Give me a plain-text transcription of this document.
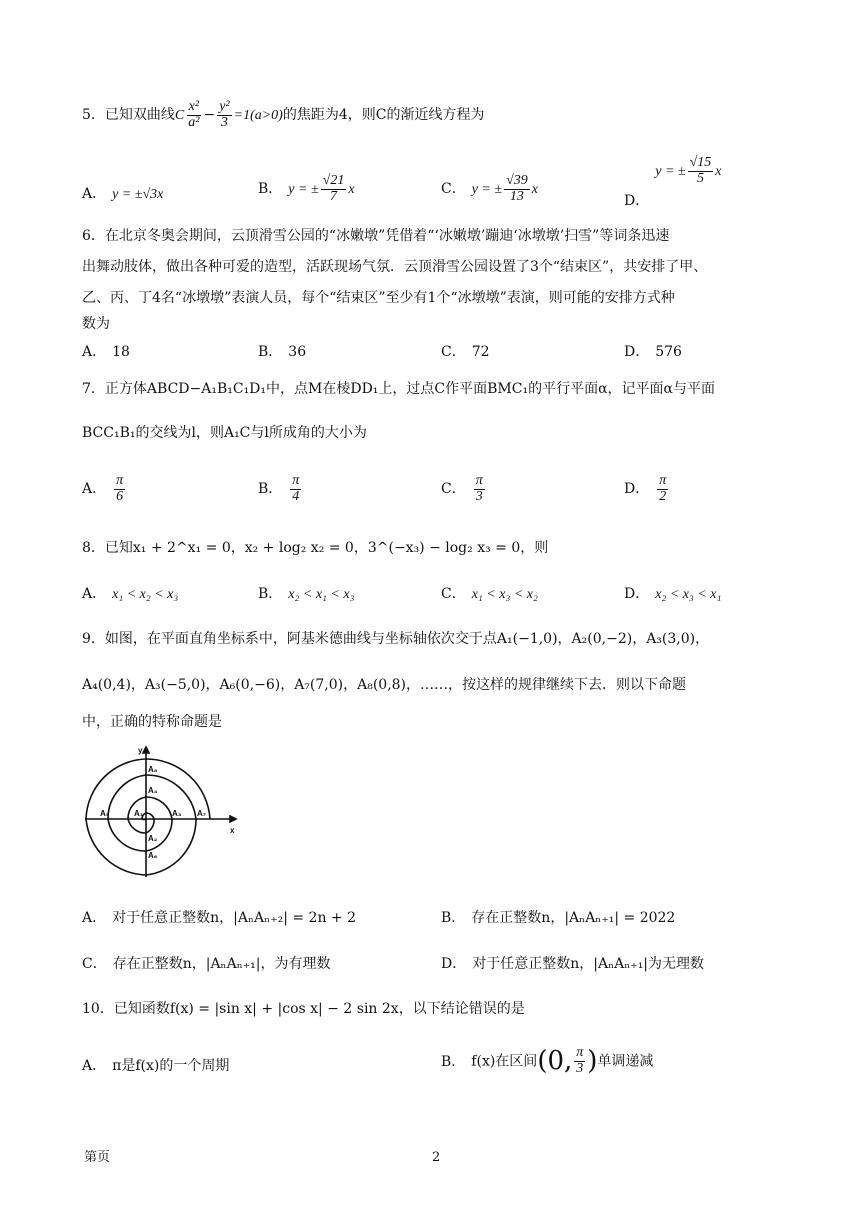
5．已知双曲线C $\frac{\text{x²}}{\text{a²}} - \frac{\text{y²}}{3} =1(a>0)$的焦距为4，则C的渐近线方程为
A． y = ±√3x	B． y = ± $\frac{√21}{7}$ x	C． y = ± $\frac{√39}{13}$ x
D．y = ± $\frac{√15}{5}$ x
6．在北京冬奥会期间，云顶滑雪公园的“冰嫩墩”凭借着“‘冰嫩墩’蹦迪‘冰墩墩’扫雪”等词条迅速
出舞动肢体，做出各种可爱的造型，活跃现场气氛．云顶滑雪公园设置了3个“结束区”，共安排了甲、
乙、丙、丁4名“冰墩墩”表演人员，每个“结束区”至少有1个“冰墩墩”表演，则可能的安排方式种
数为
A． 18	B． 36	C． 72	D． 576
7．正方体ABCD−A₁B₁C₁D₁中，点M在棱DD₁上，过点C作平面BMC₁的平行平面α，记平面α与平面
BCC₁B₁的交线为l，则A₁C与l所成角的大小为
A． $\frac{\pi}{6}$	B． $\frac{\pi}{4}$	C． $\frac{\pi}{3}$	D． $\frac{\pi}{2}$
8．已知x₁ + 2^x₁ = 0，x₂ + log₂ x₂ = 0，3^(−x₃) − log₂ x₃ = 0，则
A． x₁ < x₂ < x₃	B． x₂ < x₁ < x₃	C． x₁ < x₃ < x₂	D． x₂ < x₃ < x₁
9．如图，在平面直角坐标系中，阿基米德曲线与坐标轴依次交于点A₁(−1,0)，A₂(0,−2)，A₃(3,0)，
A₄(0,4)，A₃(−5,0)，A₆(0,−6)，A₇(7,0)，A₈(0,8)，……，按这样的规律继续下去．则以下命题
中，正确的特称命题是
y
x
A₁
A₂
A₃
A₄
A₅
A₆
A₇
A₈
A． 对于任意正整数n，|AₙAₙ₊₂| = 2n + 2	B． 存在正整数n，|AₙAₙ₊₁| = 2022
C． 存在正整数n，|AₙAₙ₊₁|，为有理数	D． 对于任意正整数n，|AₙAₙ₊₁|为无理数
10．已知函数f(x) = |sin x| + |cos x| − 2 sin 2x，以下结论错误的是
A． π是f(x)的一个周期	B． f(x)在区间(0, $\frac{\pi}{3}$ )单调递减
第页	2
